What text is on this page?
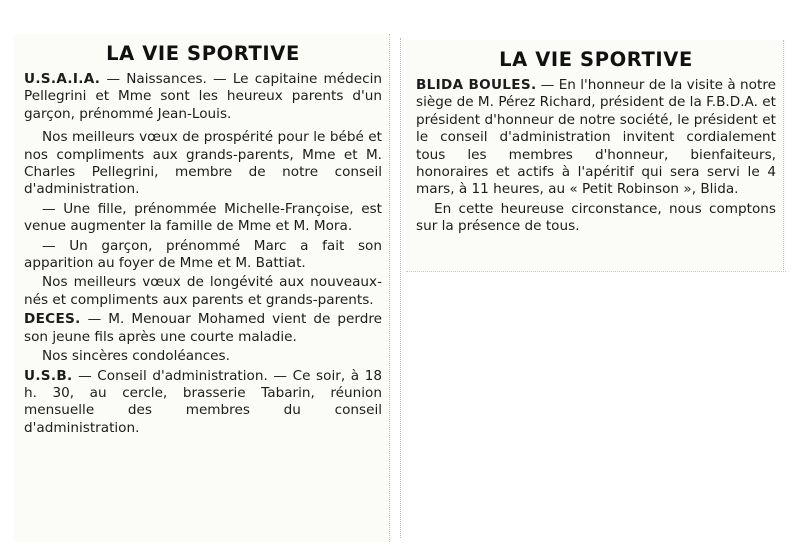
LA VIE SPORTIVE

U.S.A.I.A. — Naissances. — Le capitaine médecin Pellegrini et Mme sont les heureux parents d'un garçon, prénommé Jean-Louis.

Nos meilleurs vœux de prospérité pour le bébé et nos compliments aux grands-parents, Mme et M. Charles Pellegrini, membre de notre conseil d'administration.

— Une fille, prénommée Michelle-Françoise, est venue augmenter la famille de Mme et M. Mora.

— Un garçon, prénommé Marc a fait son apparition au foyer de Mme et M. Battiat.

Nos meilleurs vœux de longévité aux nouveaux-nés et compliments aux parents et grands-parents.

DECES. — M. Menouar Mohamed vient de perdre son jeune fils après une courte maladie.

Nos sincères condoléances.

U.S.B. — Conseil d'administration. — Ce soir, à 18 h. 30, au cercle, brasserie Tabarin, réunion mensuelle des membres du conseil d'administration.

LA VIE SPORTIVE

BLIDA BOULES. — En l'honneur de la visite à notre siège de M. Pérez Richard, président de la F.B.D.A. et président d'honneur de notre société, le président et le conseil d'administration invitent cordialement tous les membres d'honneur, bienfaiteurs, honoraires et actifs à l'apéritif qui sera servi le 4 mars, à 11 heures, au « Petit Robinson », Blida.

En cette heureuse circonstance, nous comptons sur la présence de tous.
